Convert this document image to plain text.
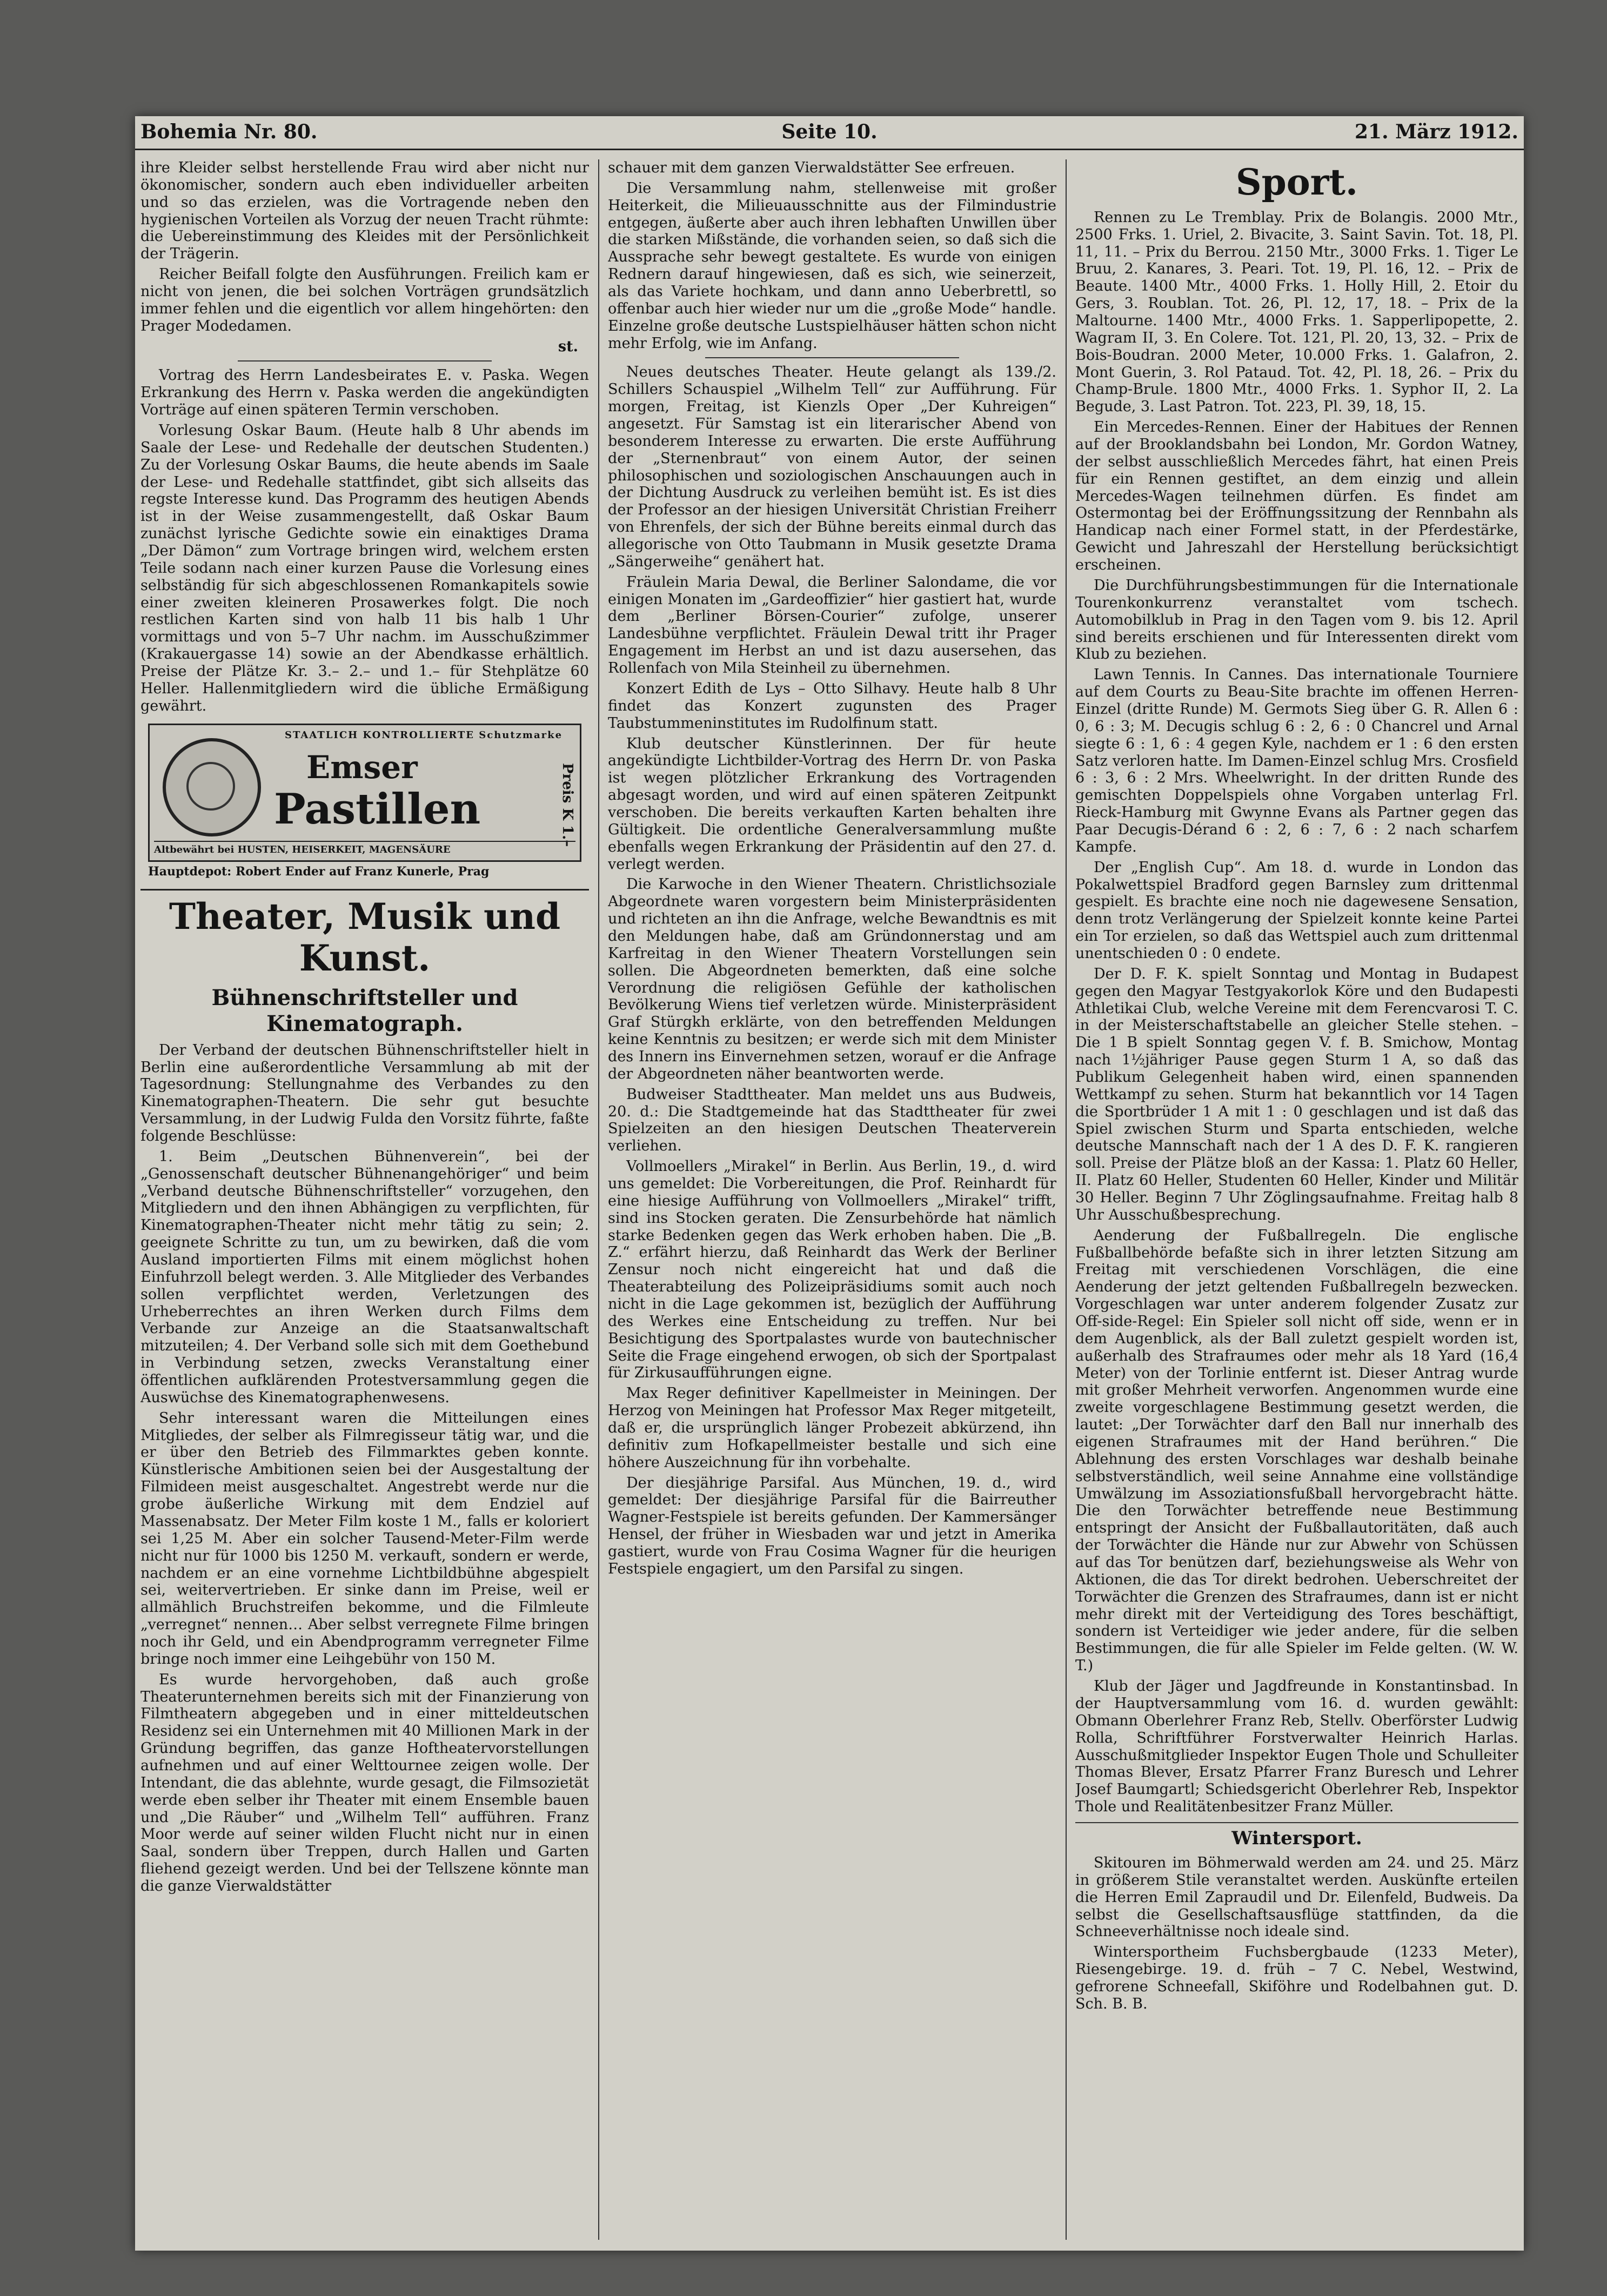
Bohemia Nr. 80.	Seite 10.	21. März 1912.

ihre Kleider selbst herstellende Frau wird aber nicht nur ökonomischer, sondern auch eben individueller arbeiten und so das erzielen, was die Vortragende neben den hygienischen Vorteilen als Vorzug der neuen Tracht rühmte: die Uebereinstimmung des Kleides mit der Persönlichkeit der Trägerin.

Reicher Beifall folgte den Ausführungen. Freilich kam er nicht von jenen, die bei solchen Vorträgen grundsätzlich immer fehlen und die eigentlich vor allem hingehörten: den Prager Modedamen.

st.

Vortrag des Herrn Landesbeirates E. v. Paska. Wegen Erkrankung des Herrn v. Paska werden die angekündigten Vorträge auf einen späteren Termin verschoben.

Vorlesung Oskar Baum. (Heute halb 8 Uhr abends im Saale der Lese- und Redehalle der deutschen Studenten.) Zu der Vorlesung Oskar Baums, die heute abends im Saale der Lese- und Redehalle stattfindet, gibt sich allseits das regste Interesse kund. Das Programm des heutigen Abends ist in der Weise zusammengestellt, daß Oskar Baum zunächst lyrische Gedichte sowie ein einaktiges Drama „Der Dämon“ zum Vortrage bringen wird, welchem ersten Teile sodann nach einer kurzen Pause die Vorlesung eines selbständig für sich abgeschlossenen Romankapitels sowie einer zweiten kleineren Prosawerkes folgt. Die noch restlichen Karten sind von halb 11 bis halb 1 Uhr vormittags und von 5–7 Uhr nachm. im Ausschußzimmer (Krakauergasse 14) sowie an der Abendkasse erhältlich. Preise der Plätze Kr. 3.– 2.– und 1.– für Stehplätze 60 Heller. Hallenmitgliedern wird die übliche Ermäßigung gewährt.

STAATLICH KONTROLLIERTE Schutzmarke
Emser
Pastillen	Preis K 1.–
Altbewährt bei HUSTEN, HEISERKEIT, MAGENSÄURE
Hauptdepot: Robert Ender auf Franz Kunerle, Prag
Theater, Musik und Kunst.
Bühnenschriftsteller und Kinematograph.

Der Verband der deutschen Bühnenschriftsteller hielt in Berlin eine außerordentliche Versammlung ab mit der Tagesordnung: Stellungnahme des Verbandes zu den Kinematographen-Theatern. Die sehr gut besuchte Versammlung, in der Ludwig Fulda den Vorsitz führte, faßte folgende Beschlüsse:

1. Beim „Deutschen Bühnenverein“, bei der „Genossenschaft deutscher Bühnenangehöriger“ und beim „Verband deutsche Bühnenschriftsteller“ vorzugehen, den Mitgliedern und den ihnen Abhängigen zu verpflichten, für Kinematographen-Theater nicht mehr tätig zu sein; 2. geeignete Schritte zu tun, um zu bewirken, daß die vom Ausland importierten Films mit einem möglichst hohen Einfuhrzoll belegt werden. 3. Alle Mitglieder des Verbandes sollen verpflichtet werden, Verletzungen des Urheberrechtes an ihren Werken durch Films dem Verbande zur Anzeige an die Staatsanwaltschaft mitzuteilen; 4. Der Verband solle sich mit dem Goethebund in Verbindung setzen, zwecks Veranstaltung einer öffentlichen aufklärenden Protestversammlung gegen die Auswüchse des Kinematographenwesens.

Sehr interessant waren die Mitteilungen eines Mitgliedes, der selber als Filmregisseur tätig war, und die er über den Betrieb des Filmmarktes geben konnte. Künstlerische Ambitionen seien bei der Ausgestaltung der Filmideen meist ausgeschaltet. Angestrebt werde nur die grobe äußerliche Wirkung mit dem Endziel auf Massenabsatz. Der Meter Film koste 1 M., falls er koloriert sei 1,25 M. Aber ein solcher Tausend-Meter-Film werde nicht nur für 1000 bis 1250 M. verkauft, sondern er werde, nachdem er an eine vornehme Lichtbildbühne abgespielt sei, weitervertrieben. Er sinke dann im Preise, weil er allmählich Bruchstreifen bekomme, und die Filmleute „verregnet“ nennen… Aber selbst verregnete Filme bringen noch ihr Geld, und ein Abendprogramm verregneter Filme bringe noch immer eine Leihgebühr von 150 M.

Es wurde hervorgehoben, daß auch große Theaterunternehmen bereits sich mit der Finanzierung von Filmtheatern abgegeben und in einer mitteldeutschen Residenz sei ein Unternehmen mit 40 Millionen Mark in der Gründung begriffen, das ganze Hoftheatervorstellungen aufnehmen und auf einer Welttournee zeigen wolle. Der Intendant, die das ablehnte, wurde gesagt, die Filmsozietät werde eben selber ihr Theater mit einem Ensemble bauen und „Die Räuber“ und „Wilhelm Tell“ aufführen. Franz Moor werde auf seiner wilden Flucht nicht nur in einen Saal, sondern über Treppen, durch Hallen und Garten fliehend gezeigt werden. Und bei der Tellszene könnte man die ganze Vierwaldstätter

schauer mit dem ganzen Vierwaldstätter See erfreuen.

Die Versammlung nahm, stellenweise mit großer Heiterkeit, die Milieuausschnitte aus der Filmindustrie entgegen, äußerte aber auch ihren lebhaften Unwillen über die starken Mißstände, die vorhanden seien, so daß sich die Aussprache sehr bewegt gestaltete. Es wurde von einigen Rednern darauf hingewiesen, daß es sich, wie seinerzeit, als das Variete hochkam, und dann anno Ueberbrettl, so offenbar auch hier wieder nur um die „große Mode“ handle. Einzelne große deutsche Lustspielhäuser hätten schon nicht mehr Erfolg, wie im Anfang.

Neues deutsches Theater. Heute gelangt als 139./2. Schillers Schauspiel „Wilhelm Tell“ zur Aufführung. Für morgen, Freitag, ist Kienzls Oper „Der Kuhreigen“ angesetzt. Für Samstag ist ein literarischer Abend von besonderem Interesse zu erwarten. Die erste Aufführung der „Sternenbraut“ von einem Autor, der seinen philosophischen und soziologischen Anschauungen auch in der Dichtung Ausdruck zu verleihen bemüht ist. Es ist dies der Professor an der hiesigen Universität Christian Freiherr von Ehrenfels, der sich der Bühne bereits einmal durch das allegorische von Otto Taubmann in Musik gesetzte Drama „Sängerweihe“ genähert hat.

Fräulein Maria Dewal, die Berliner Salondame, die vor einigen Monaten im „Gardeoffizier“ hier gastiert hat, wurde dem „Berliner Börsen-Courier“ zufolge, unserer Landesbühne verpflichtet. Fräulein Dewal tritt ihr Prager Engagement im Herbst an und ist dazu ausersehen, das Rollenfach von Mila Steinheil zu übernehmen.

Konzert Edith de Lys – Otto Silhavy. Heute halb 8 Uhr findet das Konzert zugunsten des Prager Taubstummeninstitutes im Rudolfinum statt.

Klub deutscher Künstlerinnen. Der für heute angekündigte Lichtbilder-Vortrag des Herrn Dr. von Paska ist wegen plötzlicher Erkrankung des Vortragenden abgesagt worden, und wird auf einen späteren Zeitpunkt verschoben. Die bereits verkauften Karten behalten ihre Gültigkeit. Die ordentliche Generalversammlung mußte ebenfalls wegen Erkrankung der Präsidentin auf den 27. d. verlegt werden.

Die Karwoche in den Wiener Theatern. Christlichsoziale Abgeordnete waren vorgestern beim Ministerpräsidenten und richteten an ihn die Anfrage, welche Bewandtnis es mit den Meldungen habe, daß am Gründonnerstag und am Karfreitag in den Wiener Theatern Vorstellungen sein sollen. Die Abgeordneten bemerkten, daß eine solche Verordnung die religiösen Gefühle der katholischen Bevölkerung Wiens tief verletzen würde. Ministerpräsident Graf Stürgkh erklärte, von den betreffenden Meldungen keine Kenntnis zu besitzen; er werde sich mit dem Minister des Innern ins Einvernehmen setzen, worauf er die Anfrage der Abgeordneten näher beantworten werde.

Budweiser Stadttheater. Man meldet uns aus Budweis, 20. d.: Die Stadtgemeinde hat das Stadttheater für zwei Spielzeiten an den hiesigen Deutschen Theaterverein verliehen.

Vollmoellers „Mirakel“ in Berlin. Aus Berlin, 19., d. wird uns gemeldet: Die Vorbereitungen, die Prof. Reinhardt für eine hiesige Aufführung von Vollmoellers „Mirakel“ trifft, sind ins Stocken geraten. Die Zensurbehörde hat nämlich starke Bedenken gegen das Werk erhoben haben. Die „B. Z.“ erfährt hierzu, daß Reinhardt das Werk der Berliner Zensur noch nicht eingereicht hat und daß die Theaterabteilung des Polizeipräsidiums somit auch noch nicht in die Lage gekommen ist, bezüglich der Aufführung des Werkes eine Entscheidung zu treffen. Nur bei Besichtigung des Sportpalastes wurde von bautechnischer Seite die Frage eingehend erwogen, ob sich der Sportpalast für Zirkusaufführungen eigne.

Max Reger definitiver Kapellmeister in Meiningen. Der Herzog von Meiningen hat Professor Max Reger mitgeteilt, daß er, die ursprünglich länger Probezeit abkürzend, ihn definitiv zum Hofkapellmeister bestalle und sich eine höhere Auszeichnung für ihn vorbehalte.

Der diesjährige Parsifal. Aus München, 19. d., wird gemeldet: Der diesjährige Parsifal für die Bairreuther Wagner-Festspiele ist bereits gefunden. Der Kammersänger Hensel, der früher in Wiesbaden war und jetzt in Amerika gastiert, wurde von Frau Cosima Wagner für die heurigen Festspiele engagiert, um den Parsifal zu singen.

Sport.

Rennen zu Le Tremblay. Prix de Bolangis. 2000 Mtr., 2500 Frks. 1. Uriel, 2. Bivacite, 3. Saint Savin. Tot. 18, Pl. 11, 11. – Prix du Berrou. 2150 Mtr., 3000 Frks. 1. Tiger Le Bruu, 2. Kanares, 3. Peari. Tot. 19, Pl. 16, 12. – Prix de Beaute. 1400 Mtr., 4000 Frks. 1. Holly Hill, 2. Etoir du Gers, 3. Roublan. Tot. 26, Pl. 12, 17, 18. – Prix de la Maltourne. 1400 Mtr., 4000 Frks. 1. Sapperlipopette, 2. Wagram II, 3. En Colere. Tot. 121, Pl. 20, 13, 32. – Prix de Bois-Boudran. 2000 Meter, 10.000 Frks. 1. Galafron, 2. Mont Guerin, 3. Rol Pataud. Tot. 42, Pl. 18, 26. – Prix du Champ-Brule. 1800 Mtr., 4000 Frks. 1. Syphor II, 2. La Begude, 3. Last Patron. Tot. 223, Pl. 39, 18, 15.

Ein Mercedes-Rennen. Einer der Habitues der Rennen auf der Brooklandsbahn bei London, Mr. Gordon Watney, der selbst ausschließlich Mercedes fährt, hat einen Preis für ein Rennen gestiftet, an dem einzig und allein Mercedes-Wagen teilnehmen dürfen. Es findet am Ostermontag bei der Eröffnungssitzung der Rennbahn als Handicap nach einer Formel statt, in der Pferdestärke, Gewicht und Jahreszahl der Herstellung berücksichtigt erscheinen.

Die Durchführungsbestimmungen für die Internationale Tourenkonkurrenz veranstaltet vom tschech. Automobilklub in Prag in den Tagen vom 9. bis 12. April sind bereits erschienen und für Interessenten direkt vom Klub zu beziehen.

Lawn Tennis. In Cannes. Das internationale Tourniere auf dem Courts zu Beau-Site brachte im offenen Herren-Einzel (dritte Runde) M. Germots Sieg über G. R. Allen 6 : 0, 6 : 3; M. Decugis schlug 6 : 2, 6 : 0 Chancrel und Arnal siegte 6 : 1, 6 : 4 gegen Kyle, nachdem er 1 : 6 den ersten Satz verloren hatte. Im Damen-Einzel schlug Mrs. Crosfield 6 : 3, 6 : 2 Mrs. Wheelwright. In der dritten Runde des gemischten Doppelspiels ohne Vorgaben unterlag Frl. Rieck-Hamburg mit Gwynne Evans als Partner gegen das Paar Decugis-Dérand 6 : 2, 6 : 7, 6 : 2 nach scharfem Kampfe.

Der „English Cup“. Am 18. d. wurde in London das Pokalwettspiel Bradford gegen Barnsley zum drittenmal gespielt. Es brachte eine noch nie dagewesene Sensation, denn trotz Verlängerung der Spielzeit konnte keine Partei ein Tor erzielen, so daß das Wettspiel auch zum drittenmal unentschieden 0 : 0 endete.

Der D. F. K. spielt Sonntag und Montag in Budapest gegen den Magyar Testgyakorlok Köre und den Budapesti Athletikai Club, welche Vereine mit dem Ferencvarosi T. C. in der Meisterschaftstabelle an gleicher Stelle stehen. – Die 1 B spielt Sonntag gegen V. f. B. Smichow, Montag nach 1½jähriger Pause gegen Sturm 1 A, so daß das Publikum Gelegenheit haben wird, einen spannenden Wettkampf zu sehen. Sturm hat bekanntlich vor 14 Tagen die Sportbrüder 1 A mit 1 : 0 geschlagen und ist daß das Spiel zwischen Sturm und Sparta entschieden, welche deutsche Mannschaft nach der 1 A des D. F. K. rangieren soll. Preise der Plätze bloß an der Kassa: 1. Platz 60 Heller, II. Platz 60 Heller, Studenten 60 Heller, Kinder und Militär 30 Heller. Beginn 7 Uhr Zöglingsaufnahme. Freitag halb 8 Uhr Ausschußbesprechung.

Aenderung der Fußballregeln. Die englische Fußballbehörde befaßte sich in ihrer letzten Sitzung am Freitag mit verschiedenen Vorschlägen, die eine Aenderung der jetzt geltenden Fußballregeln bezwecken. Vorgeschlagen war unter anderem folgender Zusatz zur Off-side-Regel: Ein Spieler soll nicht off side, wenn er in dem Augenblick, als der Ball zuletzt gespielt worden ist, außerhalb des Strafraumes oder mehr als 18 Yard (16,4 Meter) von der Torlinie entfernt ist. Dieser Antrag wurde mit großer Mehrheit verworfen. Angenommen wurde eine zweite vorgeschlagene Bestimmung gesetzt werden, die lautet: „Der Torwächter darf den Ball nur innerhalb des eigenen Strafraumes mit der Hand berühren.“ Die Ablehnung des ersten Vorschlages war deshalb beinahe selbstverständlich, weil seine Annahme eine vollständige Umwälzung im Assoziationsfußball hervorgebracht hätte. Die den Torwächter betreffende neue Bestimmung entspringt der Ansicht der Fußballautoritäten, daß auch der Torwächter die Hände nur zur Abwehr von Schüssen auf das Tor benützen darf, beziehungsweise als Wehr von Aktionen, die das Tor direkt bedrohen. Ueberschreitet der Torwächter die Grenzen des Strafraumes, dann ist er nicht mehr direkt mit der Verteidigung des Tores beschäftigt, sondern ist Verteidiger wie jeder andere, für die selben Bestimmungen, die für alle Spieler im Felde gelten. (W. W. T.)

Klub der Jäger und Jagdfreunde in Konstantinsbad. In der Hauptversammlung vom 16. d. wurden gewählt: Obmann Oberlehrer Franz Reb, Stellv. Oberförster Ludwig Rolla, Schriftführer Forstverwalter Heinrich Harlas. Ausschußmitglieder Inspektor Eugen Thole und Schulleiter Thomas Blever, Ersatz Pfarrer Franz Buresch und Lehrer Josef Baumgartl; Schiedsgericht Oberlehrer Reb, Inspektor Thole und Realitätenbesitzer Franz Müller.

Wintersport.

Skitouren im Böhmerwald werden am 24. und 25. März in größerem Stile veranstaltet werden. Auskünfte erteilen die Herren Emil Zapraudil und Dr. Eilenfeld, Budweis. Da selbst die Gesellschaftsausflüge stattfinden, da die Schneeverhältnisse noch ideale sind.

Wintersportheim Fuchsbergbaude (1233 Meter), Riesengebirge. 19. d. früh – 7 C. Nebel, Westwind, gefrorene Schneefall, Skiföhre und Rodelbahnen gut. D. Sch. B. B.
